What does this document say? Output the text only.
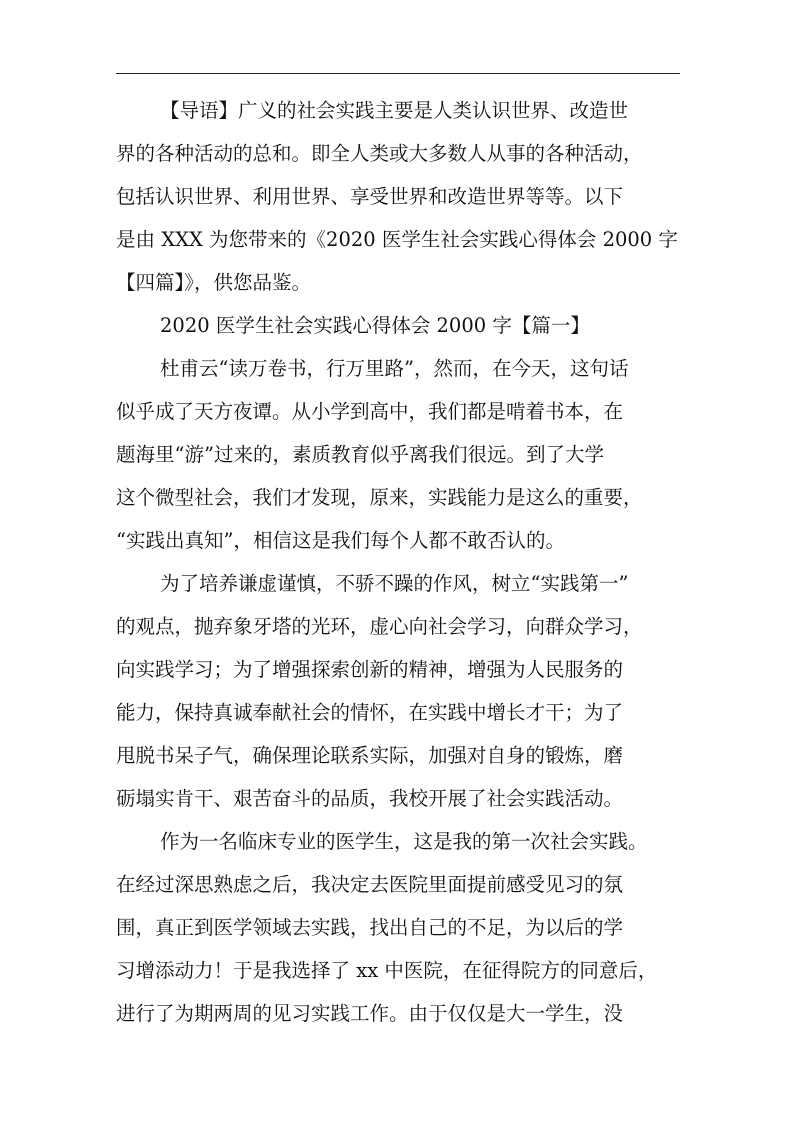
【导语】广义的社会实践主要是人类认识世界、改造世
界的各种活动的总和。即全人类或大多数人从事的各种活动，
包括认识世界、利用世界、享受世界和改造世界等等。以下
是由 XXX 为您带来的《2020 医学生社会实践心得体会 2000 字
【四篇】》，供您品鉴。
2020 医学生社会实践心得体会 2000 字【篇一】
杜甫云“读万卷书，行万里路”，然而，在今天，这句话
似乎成了天方夜谭。从小学到高中，我们都是啃着书本，在
题海里“游”过来的，素质教育似乎离我们很远。到了大学
这个微型社会，我们才发现，原来，实践能力是这么的重要，
“实践出真知”，相信这是我们每个人都不敢否认的。
为了培养谦虚谨慎，不骄不躁的作风，树立“实践第一”
的观点，抛弃象牙塔的光环，虚心向社会学习，向群众学习，
向实践学习；为了增强探索创新的精神，增强为人民服务的
能力，保持真诚奉献社会的情怀，在实践中增长才干；为了
甩脱书呆子气，确保理论联系实际，加强对自身的锻炼，磨
砺塌实肯干、艰苦奋斗的品质，我校开展了社会实践活动。
作为一名临床专业的医学生，这是我的第一次社会实践。
在经过深思熟虑之后，我决定去医院里面提前感受见习的氛
围，真正到医学领域去实践，找出自己的不足，为以后的学
习增添动力！于是我选择了 xx 中医院，在征得院方的同意后，
进行了为期两周的见习实践工作。由于仅仅是大一学生，没
